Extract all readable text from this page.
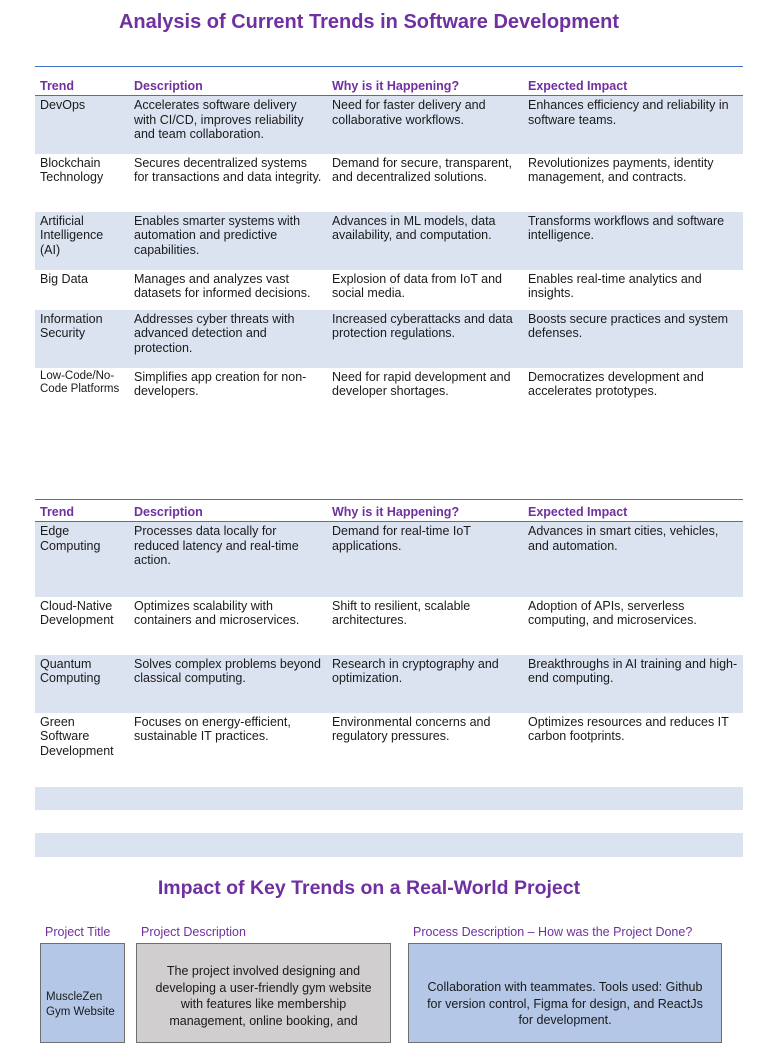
Analysis of Current Trends in Software Development
Trend	Description	Why is it Happening?	Expected Impact
DevOps	Accelerates software delivery with CI/CD, improves reliability and team collaboration.	Need for faster delivery and collaborative workflows.	Enhances efficiency and reliability in software teams.
Blockchain Technology	Secures decentralized systems for transactions and data integrity.	Demand for secure, transparent, and decentralized solutions.	Revolutionizes payments, identity management, and contracts.
Artificial Intelligence (AI)	Enables smarter systems with automation and predictive capabilities.	Advances in ML models, data availability, and computation.	Transforms workflows and software intelligence.
Big Data	Manages and analyzes vast datasets for informed decisions.	Explosion of data from IoT and social media.	Enables real-time analytics and insights.
Information Security	Addresses cyber threats with advanced detection and protection.	Increased cyberattacks and data protection regulations.	Boosts secure practices and system defenses.
Low-Code/No-Code Platforms	Simplifies app creation for non-developers.	Need for rapid development and developer shortages.	Democratizes development and accelerates prototypes.
Trend	Description	Why is it Happening?	Expected Impact
Edge Computing	Processes data locally for reduced latency and real-time action.	Demand for real-time IoT applications.	Advances in smart cities, vehicles, and automation.
Cloud-Native Development	Optimizes scalability with containers and microservices.	Shift to resilient, scalable architectures.	Adoption of APIs, serverless computing, and microservices.
Quantum Computing	Solves complex problems beyond classical computing.	Research in cryptography and optimization.	Breakthroughs in AI training and high-end computing.
Green Software Development	Focuses on energy-efficient, sustainable IT practices.	Environmental concerns and regulatory pressures.	Optimizes resources and reduces IT carbon footprints.
Impact of Key Trends on a Real-World Project
Project Title Project Description	Process Description – How was the Project Done?
MuscleZen Gym Website
The project involved designing and developing a user-friendly gym website with features like membership management, online booking, and
Collaboration with teammates. Tools used: Github for version control, Figma for design, and ReactJs for development.
